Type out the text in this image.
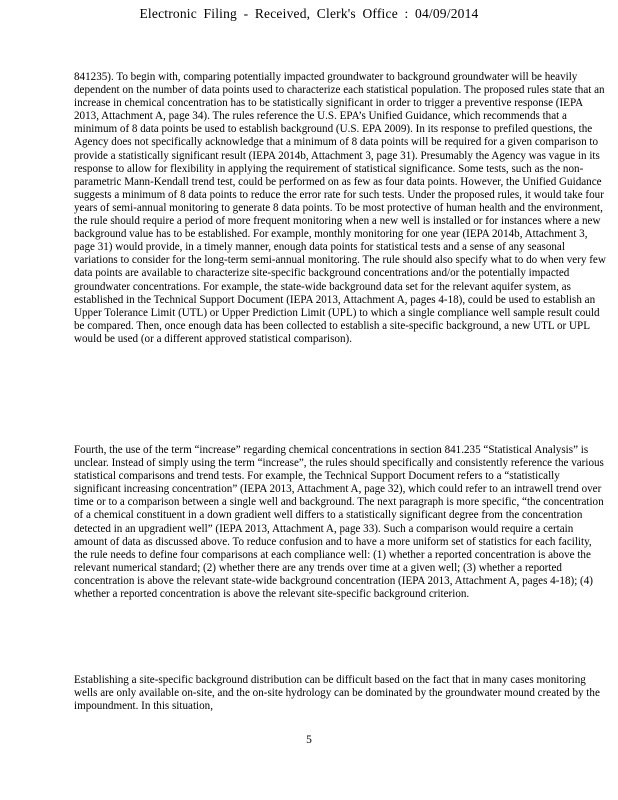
Electronic Filing - Received, Clerk's Office : 04/09/2014
841235). To begin with, comparing potentially impacted groundwater to background groundwater will be heavily dependent on the number of data points used to characterize each statistical population. The proposed rules state that an increase in chemical concentration has to be statistically significant in order to trigger a preventive response (IEPA 2013, Attachment A, page 34). The rules reference the U.S. EPA’s Unified Guidance, which recommends that a minimum of 8 data points be used to establish background (U.S. EPA 2009). In its response to prefiled questions, the Agency does not specifically acknowledge that a minimum of 8 data points will be required for a given comparison to provide a statistically significant result (IEPA 2014b, Attachment 3, page 31). Presumably the Agency was vague in its response to allow for flexibility in applying the requirement of statistical significance. Some tests, such as the non-parametric Mann-Kendall trend test, could be performed on as few as four data points. However, the Unified Guidance suggests a minimum of 8 data points to reduce the error rate for such tests. Under the proposed rules, it would take four years of semi-annual monitoring to generate 8 data points. To be most protective of human health and the environment, the rule should require a period of more frequent monitoring when a new well is installed or for instances where a new background value has to be established. For example, monthly monitoring for one year (IEPA 2014b, Attachment 3, page 31) would provide, in a timely manner, enough data points for statistical tests and a sense of any seasonal variations to consider for the long-term semi-annual monitoring. The rule should also specify what to do when very few data points are available to characterize site-specific background concentrations and/or the potentially impacted groundwater concentrations. For example, the state-wide background data set for the relevant aquifer system, as established in the Technical Support Document (IEPA 2013, Attachment A, pages 4-18), could be used to establish an Upper Tolerance Limit (UTL) or Upper Prediction Limit (UPL) to which a single compliance well sample result could be compared. Then, once enough data has been collected to establish a site-specific background, a new UTL or UPL would be used (or a different approved statistical comparison).
Fourth, the use of the term “increase” regarding chemical concentrations in section 841.235 “Statistical Analysis” is unclear. Instead of simply using the term “increase”, the rules should specifically and consistently reference the various statistical comparisons and trend tests. For example, the Technical Support Document refers to a “statistically significant increasing concentration” (IEPA 2013, Attachment A, page 32), which could refer to an intrawell trend over time or to a comparison between a single well and background. The next paragraph is more specific, “the concentration of a chemical constituent in a down gradient well differs to a statistically significant degree from the concentration detected in an upgradient well” (IEPA 2013, Attachment A, page 33). Such a comparison would require a certain amount of data as discussed above. To reduce confusion and to have a more uniform set of statistics for each facility, the rule needs to define four comparisons at each compliance well: (1) whether a reported concentration is above the relevant numerical standard; (2) whether there are any trends over time at a given well; (3) whether a reported concentration is above the relevant state-wide background concentration (IEPA 2013, Attachment A, pages 4-18); (4) whether a reported concentration is above the relevant site-specific background criterion.
Establishing a site-specific background distribution can be difficult based on the fact that in many cases monitoring wells are only available on-site, and the on-site hydrology can be dominated by the groundwater mound created by the impoundment. In this situation,
5
